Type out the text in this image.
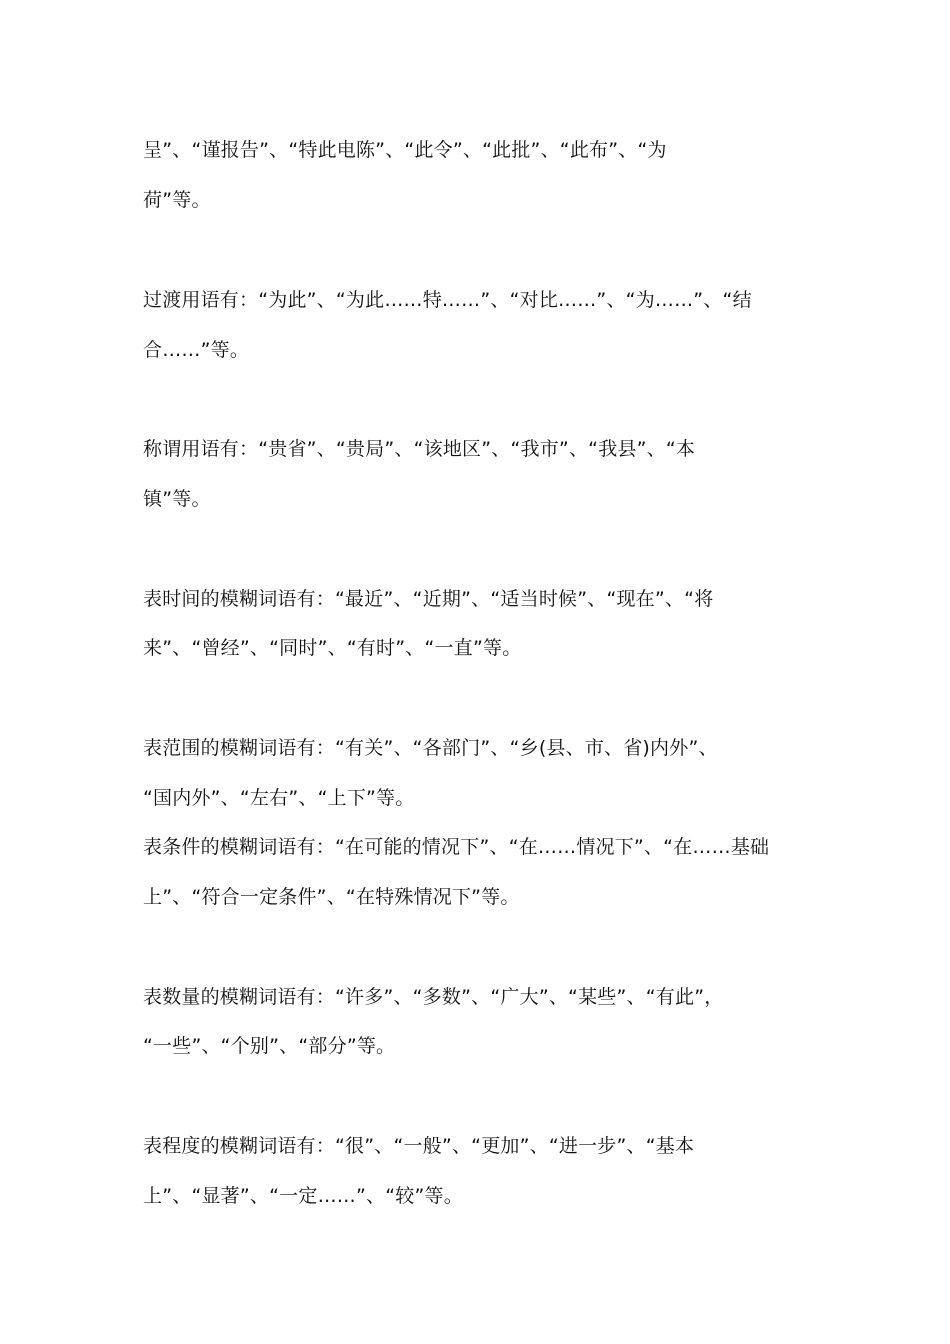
呈”、“谨报告”、“特此电陈”、“此令”、“此批”、“此布”、“为
荷”等。
过渡用语有：“为此”、“为此……特……”、“对比……”、“为……”、“结
合……”等。
称谓用语有：“贵省”、“贵局”、“该地区”、“我市”、“我县”、“本
镇”等。
表时间的模糊词语有：“最近”、“近期”、“适当时候”、“现在”、“将
来”、“曾经”、“同时”、“有时”、“一直”等。
表范围的模糊词语有：“有关”、“各部门”、“乡(县、市、省)内外”、
“国内外”、“左右”、“上下”等。
表条件的模糊词语有：“在可能的情况下”、“在……情况下”、“在……基础
上”、“符合一定条件”、“在特殊情况下”等。
表数量的模糊词语有：“许多”、“多数”、“广大”、“某些”、“有此”，
“一些”、“个别”、“部分”等。
表程度的模糊词语有：“很”、“一般”、“更加”、“进一步”、“基本
上”、“显著”、“一定……”、“较”等。
